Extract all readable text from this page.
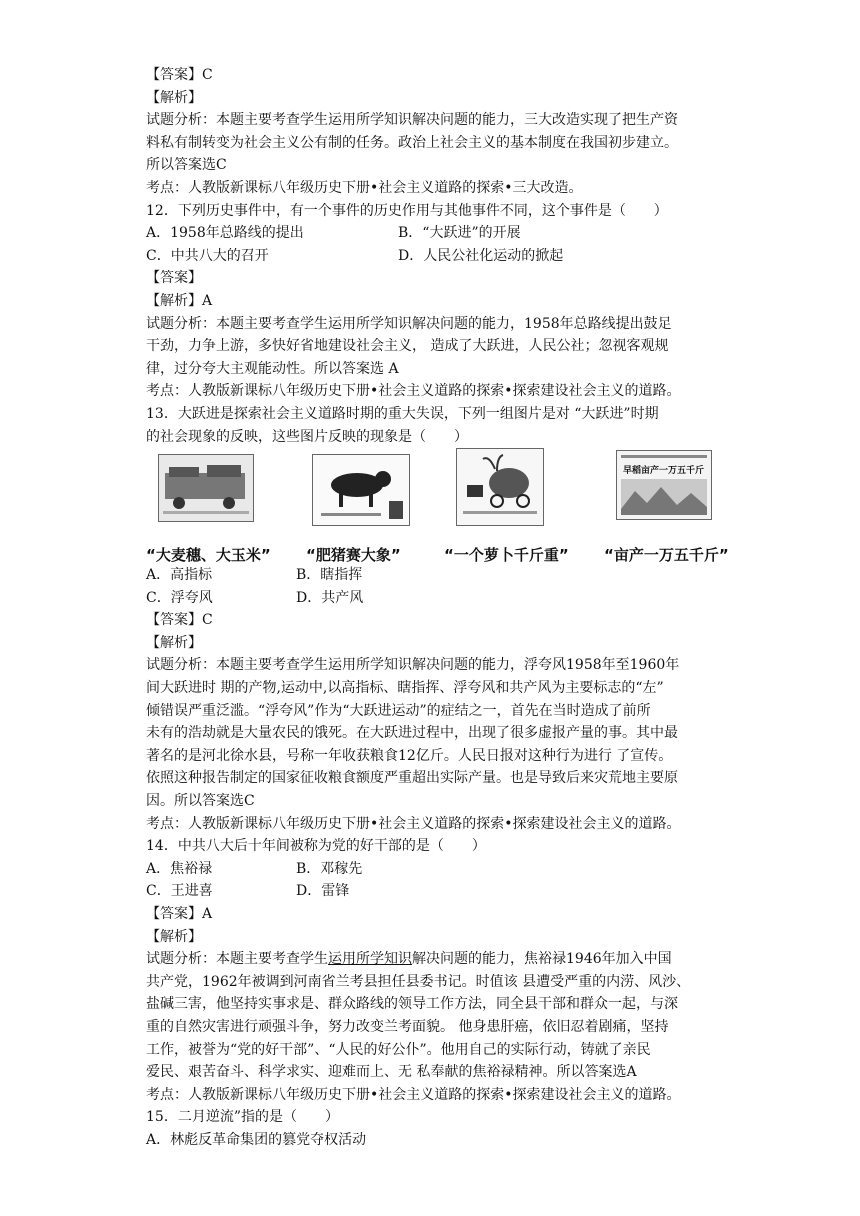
【答案】C
【解析】
试题分析：本题主要考查学生运用所学知识解决问题的能力，三大改造实现了把生产资
料私有制转变为社会主义公有制的任务。政治上社会主义的基本制度在我国初步建立。
所以答案选C
考点：人教版新课标八年级历史下册•社会主义道路的探索•三大改造。
12．下列历史事件中，有一个事件的历史作用与其他事件不同，这个事件是（　　）
A．1958年总路线的提出	B．“大跃进”的开展
C．中共八大的召开	D．人民公社化运动的掀起
【答案】
【解析】A
试题分析：本题主要考查学生运用所学知识解决问题的能力，1958年总路线提出鼓足
干劲，力争上游，多快好省地建设社会主义， 造成了大跃进，人民公社；忽视客观规
律，过分夸大主观能动性。所以答案选 A
考点：人教版新课标八年级历史下册•社会主义道路的探索•探索建设社会主义的道路。
13．大跃进是探索社会主义道路时期的重大失误，下列一组图片是对 “大跃进”时期
的社会现象的反映，这些图片反映的现象是（　　）
早稻亩产一万五千斤
“大麦穗、大玉米” “肥猪赛大象”	“一个萝卜千斤重” “亩产一万五千斤”
A．高指标	B．瞎指挥
C．浮夸风	D．共产风
【答案】C
【解析】
试题分析：本题主要考查学生运用所学知识解决问题的能力，浮夸风1958年至1960年
间大跃进时 期的产物,运动中,以高指标、瞎指挥、浮夸风和共产风为主要标志的“左”
倾错误严重泛滥。“浮夸风”作为“大跃进运动”的症结之一，首先在当时造成了前所
未有的浩劫就是大量农民的饿死。在大跃进过程中，出现了很多虚报产量的事。其中最
著名的是河北徐水县，号称一年收获粮食12亿斤。人民日报对这种行为进行 了宣传。
依照这种报告制定的国家征收粮食额度严重超出实际产量。也是导致后来灾荒地主要原
因。所以答案选C
考点：人教版新课标八年级历史下册•社会主义道路的探索•探索建设社会主义的道路。
14．中共八大后十年间被称为党的好干部的是（　　）
A．焦裕禄	B．邓稼先
C．王进喜	D．雷锋
【答案】A
【解析】
试题分析：本题主要考查学生运用所学知识解决问题的能力，焦裕禄1946年加入中国
共产党，1962年被调到河南省兰考县担任县委书记。时值该 县遭受严重的内涝、风沙、
盐碱三害，他坚持实事求是、群众路线的领导工作方法，同全县干部和群众一起，与深
重的自然灾害进行顽强斗争，努力改变兰考面貌。 他身患肝癌，依旧忍着剧痛，坚持
工作，被誉为“党的好干部”、“人民的好公仆”。他用自己的实际行动，铸就了亲民
爱民、艰苦奋斗、科学求实、迎难而上、无 私奉献的焦裕禄精神。所以答案选A
考点：人教版新课标八年级历史下册•社会主义道路的探索•探索建设社会主义的道路。
15．二月逆流”指的是（　　）
A．林彪反革命集团的篡党夺权活动
